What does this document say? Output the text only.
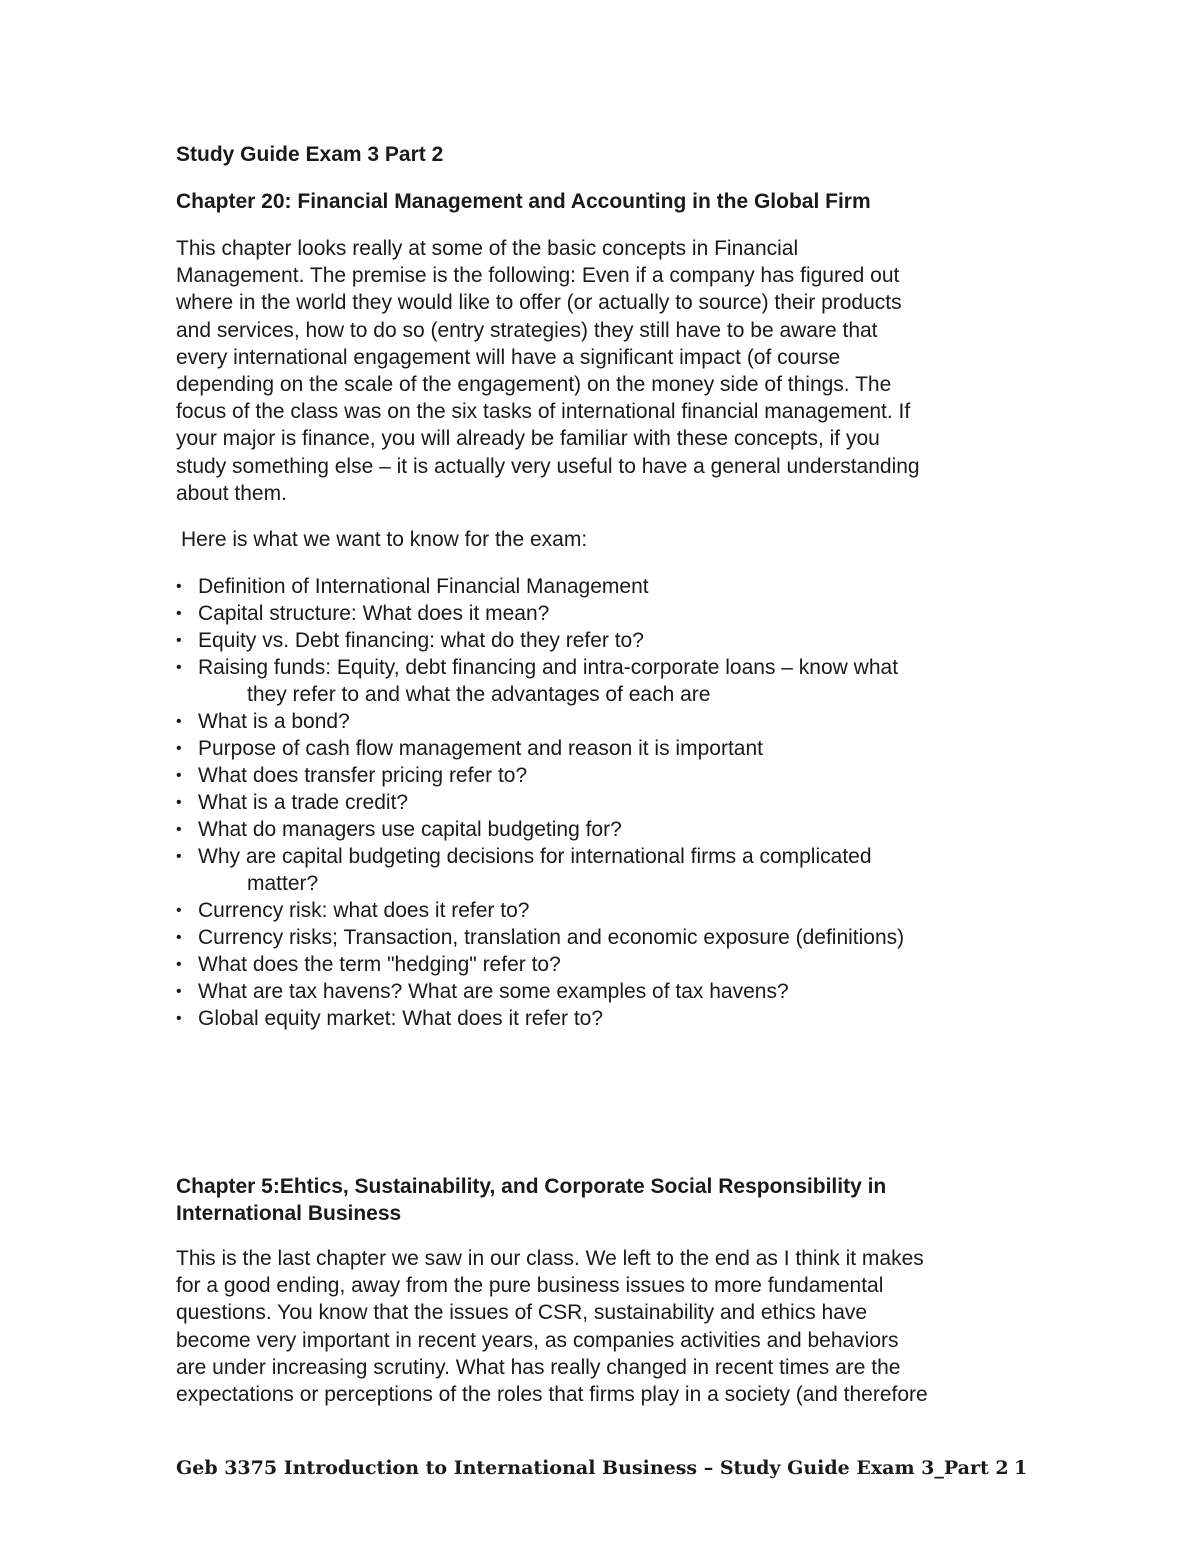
Study Guide Exam 3 Part 2
Chapter 20: Financial Management and Accounting in the Global Firm

This chapter looks really at some of the basic concepts in Financial
Management. The premise is the following: Even if a company has figured out
where in the world they would like to offer (or actually to source) their products
and services, how to do so (entry strategies) they still have to be aware that
every international engagement will have a significant impact (of course
depending on the scale of the engagement) on the money side of things. The
focus of the class was on the six tasks of international financial management. If
your major is finance, you will already be familiar with these concepts, if you
study something else – it is actually very useful to have a general understanding
about them.

Here is what we want to know for the exam:
• Definition of International Financial Management
• Capital structure: What does it mean?
• Equity vs. Debt financing: what do they refer to?
• Raising funds: Equity, debt financing and intra-corporate loans – know what
they refer to and what the advantages of each are
• What is a bond?
• Purpose of cash flow management and reason it is important
• What does transfer pricing refer to?
• What is a trade credit?
• What do managers use capital budgeting for?
• Why are capital budgeting decisions for international firms a complicated
matter?
• Currency risk: what does it refer to?
• Currency risks; Transaction, translation and economic exposure (definitions)
• What does the term "hedging" refer to?
• What are tax havens? What are some examples of tax havens?
• Global equity market: What does it refer to?
Chapter 5:Ehtics, Sustainability, and Corporate Social Responsibility in
International Business

This is the last chapter we saw in our class. We left to the end as I think it makes
for a good ending, away from the pure business issues to more fundamental
questions. You know that the issues of CSR, sustainability and ethics have
become very important in recent years, as companies activities and behaviors
are under increasing scrutiny. What has really changed in recent times are the
expectations or perceptions of the roles that firms play in a society (and therefore

Geb 3375 Introduction to International Business – Study Guide Exam 3_Part 2 1
